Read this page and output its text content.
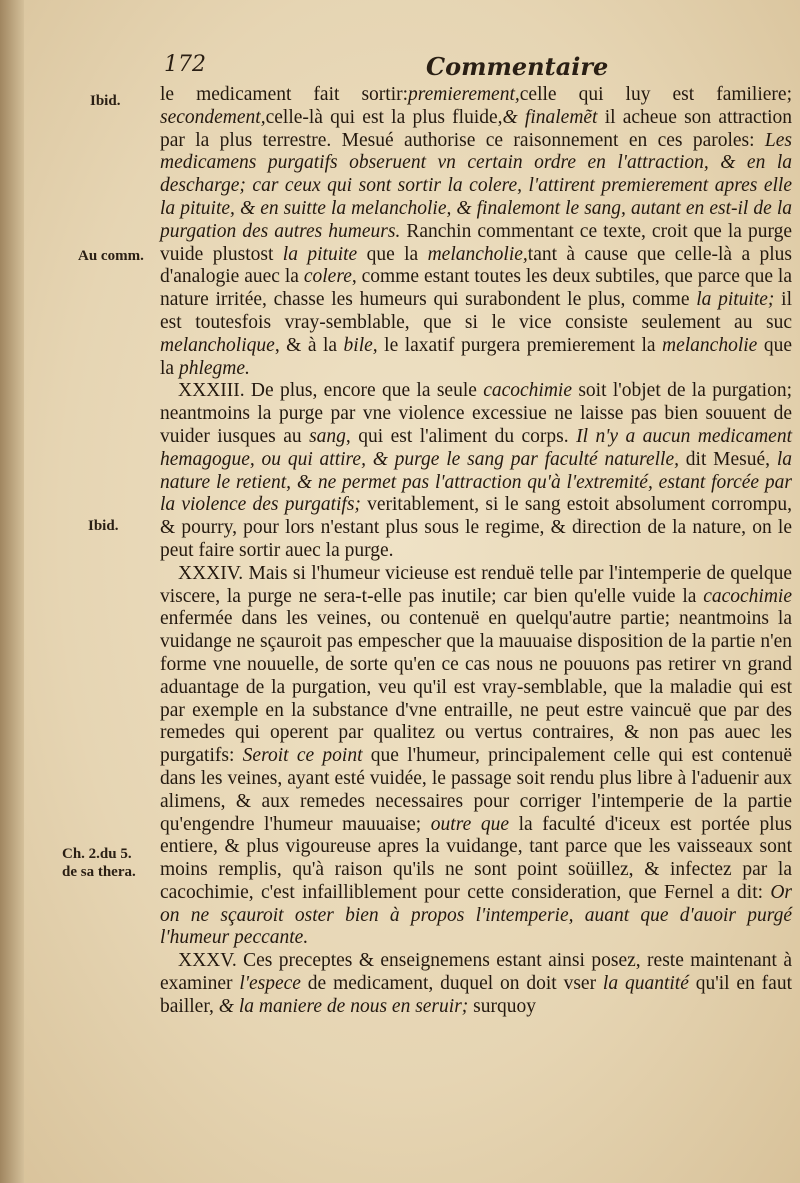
172	Commentaire
Ibid.
Au comm.
Ibid.
Ch. 2.du 5.
de sa thera.

le medicament fait sortir:premierement,celle qui luy est familiere; secondement,celle-là qui est la plus fluide,& finalemẽt il acheue son attraction par la plus terrestre. Mesué authorise ce raisonnement en ces paroles: Les medicamens purgatifs obseruent vn certain ordre en l'attraction, & en la descharge; car ceux qui sont sortir la colere, l'attirent premierement apres elle la pituite, & en suitte la melancholie, & finalemont le sang, autant en est-il de la purgation des autres humeurs. Ranchin commentant ce texte, croit que la purge vuide plustost la pituite que la melancholie,tant à cause que celle-là a plus d'analogie auec la colere, comme estant toutes les deux subtiles, que parce que la nature irritée, chasse les humeurs qui surabondent le plus, comme la pituite; il est toutesfois vray-semblable, que si le vice consiste seulement au suc melancholique, & à la bile, le laxatif purgera premierement la melancholie que la phlegme.

XXXIII. De plus, encore que la seule cacochimie soit l'objet de la purgation; neantmoins la purge par vne violence excessiue ne laisse pas bien souuent de vuider iusques au sang, qui est l'aliment du corps. Il n'y a aucun medicament hemagogue, ou qui attire, & purge le sang par faculté naturelle, dit Mesué, la nature le retient, & ne permet pas l'attraction qu'à l'extremité, estant forcée par la violence des purgatifs; veritablement, si le sang estoit absolument corrompu, & pourry, pour lors n'estant plus sous le regime, & direction de la nature, on le peut faire sortir auec la purge.

XXXIV. Mais si l'humeur vicieuse est renduë telle par l'intemperie de quelque viscere, la purge ne sera-t-elle pas inutile; car bien qu'elle vuide la cacochimie enfermée dans les veines, ou contenuë en quelqu'autre partie; neantmoins la vuidange ne sçauroit pas empescher que la mauuaise disposition de la partie n'en forme vne nouuelle, de sorte qu'en ce cas nous ne pouuons pas retirer vn grand aduantage de la purgation, veu qu'il est vray-semblable, que la maladie qui est par exemple en la substance d'vne entraille, ne peut estre vaincuë que par des remedes qui operent par qualitez ou vertus contraires, & non pas auec les purgatifs: Seroit ce point que l'humeur, principalement celle qui est contenuë dans les veines, ayant esté vuidée, le passage soit rendu plus libre à l'aduenir aux alimens, & aux remedes necessaires pour corriger l'intemperie de la partie qu'engendre l'humeur mauuaise; outre que la faculté d'iceux est portée plus entiere, & plus vigoureuse apres la vuidange, tant parce que les vaisseaux sont moins remplis, qu'à raison qu'ils ne sont point soüillez, & infectez par la cacochimie, c'est infailliblement pour cette consideration, que Fernel a dit: Or on ne sçauroit oster bien à propos l'intemperie, auant que d'auoir purgé l'humeur peccante.

XXXV. Ces preceptes & enseignemens estant ainsi posez, reste maintenant à examiner l'espece de medicament, duquel on doit vser la quantité qu'il en faut bailler, & la maniere de nous en seruir; surquoy
